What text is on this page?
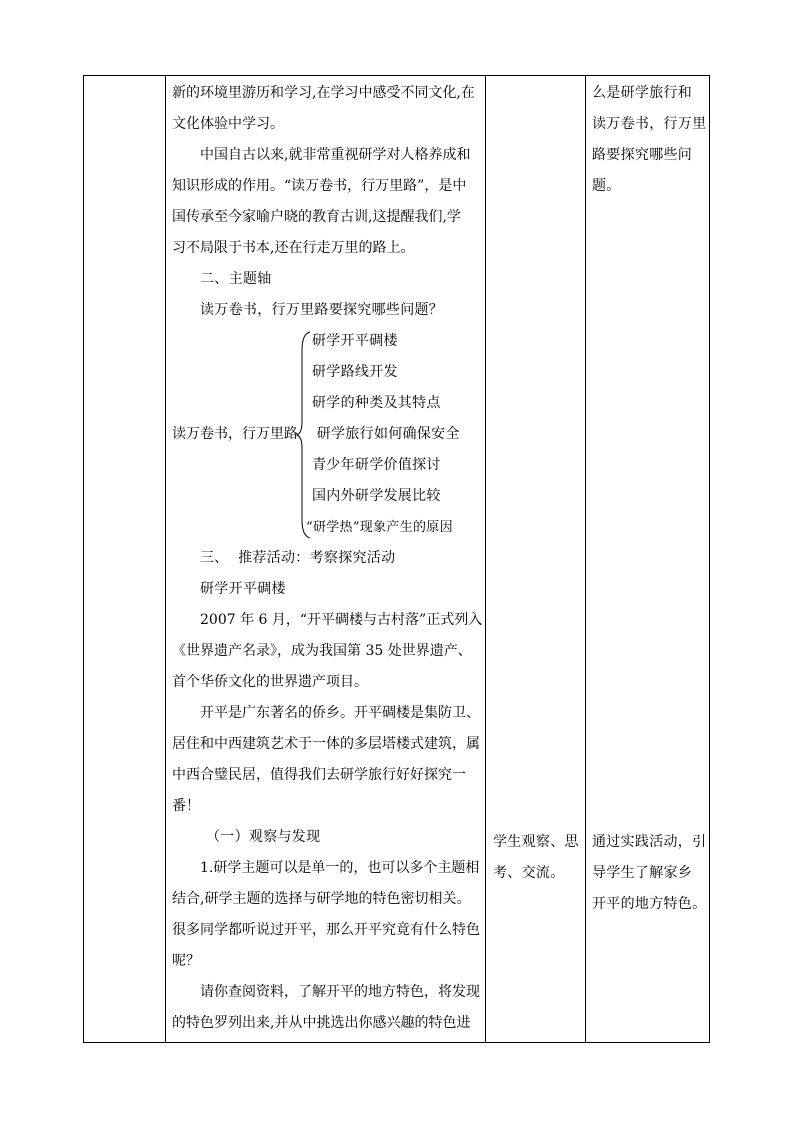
新的环境里游历和学习,在学习中感受不同文化,在
文化体验中学习。
中国自古以来,就非常重视研学对人格养成和
知识形成的作用。“读万卷书，行万里路”，是中
国传承至今家喻户晓的教育古训,这提醒我们,学
习不局限于书本,还在行走万里的路上。
二、主题轴
读万卷书，行万里路要探究哪些问题？
读万卷书，行万里路
研学开平碉楼
研学路线开发
研学的种类及其特点
研学旅行如何确保安全
青少年研学价值探讨
国内外研学发展比较
“研学热”现象产生的原因
三、  推荐活动：考察探究活动
研学开平碉楼
2007 年 6 月，“开平碉楼与古村落”正式列入
《世界遗产名录》，成为我国第 35 处世界遗产、
首个华侨文化的世界遗产项目。
开平是广东著名的侨乡。开平碉楼是集防卫、
居住和中西建筑艺术于一体的多层塔楼式建筑，属
中西合璧民居，值得我们去研学旅行好好探究一
番！
（一）观察与发现
1.研学主题可以是单一的，也可以多个主题相
结合,研学主题的选择与研学地的特色密切相关。
很多同学都听说过开平，那么开平究竟有什么特色
呢？
请你查阅资料，了解开平的地方特色，将发现
的特色罗列出来,并从中挑选出你感兴趣的特色进
学生观察、思
考、交流。
么是研学旅行和
读万卷书，行万里
路要探究哪些问
题。
通过实践活动，引
导学生了解家乡
开平的地方特色。
